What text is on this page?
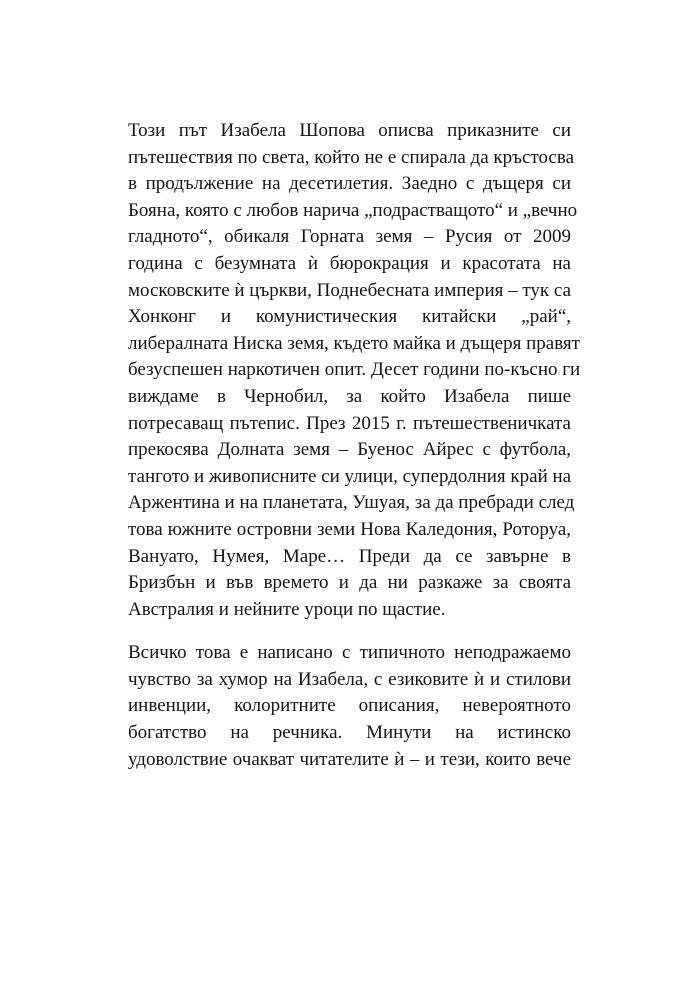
Този път Изабела Шопова описва приказните си
пътешествия по света, който не е спирала да кръстосва
в продължение на десетилетия. Заедно с дъщеря си
Бояна, която с любов нарича „подрастващото“ и „вечно
гладното“, обикаля Горната земя – Русия от 2009
година с безумната ѝ бюрокрация и красотата на
московските ѝ църкви, Поднебесната империя – тук са
Хонконг и комунистическия китайски „рай“,
либералната Ниска земя, където майка и дъщеря правят
безуспешен наркотичен опит. Десет години по-късно ги
виждаме в Чернобил, за който Изабела пише
потресаващ пътепис. През 2015 г. пътешественичката
прекосява Долната земя – Буенос Айрес с футбола,
тангото и живописните си улици, супердолния край на
Аржентина и на планетата, Ушуая, за да пребради след
това южните островни земи Нова Каледония, Роторуа,
Вануато, Нумея, Маре… Преди да се завърне в
Бризбън и във времето и да ни разкаже за своята
Австралия и нейните уроци по щастие.
Всичко това е написано с типичното неподражаемо
чувство за хумор на Изабела, с езиковите ѝ и стилови
инвенции, колоритните описания, невероятното
богатство на речника. Минути на истинско
удоволствие очакват читателите ѝ – и тези, които вече
